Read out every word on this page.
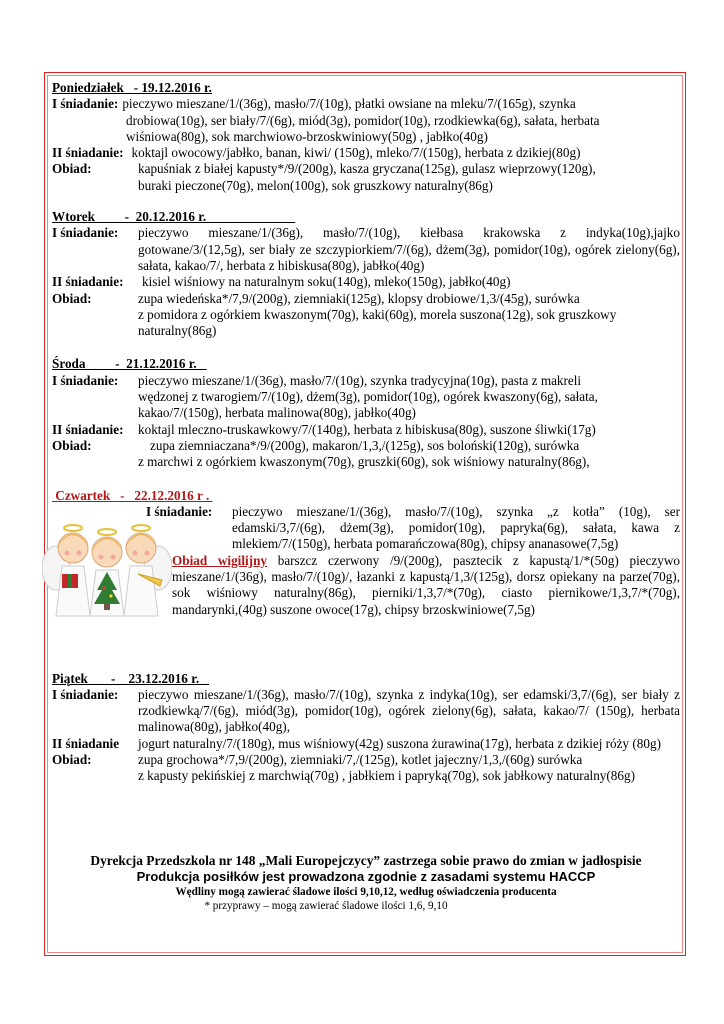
Poniedziałek   - 19.12.2016 r.

I śniadanie: pieczywo mieszane/1/(36g), masło/7/(10g), płatki owsiane na mleku/7/(165g), szynka
drobiowa(10g), ser biały/7/(6g), miód(3g), pomidor(10g), rzodkiewka(6g), sałata, herbata
wiśniowa(80g), sok marchwiowo-brzoskwiniowy(50g) , jabłko(40g)
II śniadanie: koktajl owocowy/jabłko, banan, kiwi/ (150g), mleko/7/(150g), herbata z dzikiej(80g)
Obiad:	kapuśniak z białej kapusty*/9/(200g), kasza gryczana(125g), gulasz wieprzowy(120g),
buraki pieczone(70g), melon(100g), sok gruszkowy naturalny(86g)

Wtorek         -  20.12.2016 r.

I śniadanie:	pieczywo mieszane/1/(36g), masło/7/(10g), kiełbasa krakowska z indyka(10g),jajko gotowane/3/(12,5g), ser biały ze szczypiorkiem/7/(6g), dżem(3g), pomidor(10g), ogórek zielony(6g), sałata, kakao/7/, herbata z hibiskusa(80g), jabłko(40g)
II śniadanie:	kisiel wiśniowy na naturalnym soku(140g), mleko(150g), jabłko(40g)
Obiad:	zupa wiedeńska*/7,9/(200g), ziemniaki(125g), klopsy drobiowe/1,3/(45g), surówka
z pomidora z ogórkiem kwaszonym(70g), kaki(60g), morela suszona(12g), sok gruszkowy naturalny(86g)

Środa         -  21.12.2016 r.

I śniadanie:	pieczywo mieszane/1/(36g), masło/7/(10g), szynka tradycyjna(10g), pasta z makreli
wędzonej z twarogiem/7/(10g), dżem(3g), pomidor(10g), ogórek kwaszony(6g), sałata, kakao/7/(150g), herbata malinowa(80g), jabłko(40g)
II śniadanie:	koktajl mleczno-truskawkowy/7/(140g), herbata z hibiskusa(80g), suszone śliwki(17g)
Obiad:	zupa ziemniaczana*/9/(200g), makaron/1,3,/(125g), sos boloński(120g), surówka
z marchwi z ogórkiem kwaszonym(70g), gruszki(60g), sok wiśniowy naturalny(86g),

Czwartek   -   22.12.2016 r .

I śniadanie:	pieczywo mieszane/1/(36g), masło/7/(10g), szynka „z kotła” (10g), ser edamski/3,7/(6g), dżem(3g), pomidor(10g), papryka(6g), sałata, kawa z mlekiem/7/(150g), herbata pomarańczowa(80g), chipsy ananasowe(7,5g)
Obiad wigilijny barszcz czerwony /9/(200g), pasztecik z kapustą/1/*(50g) pieczywo mieszane/1/(36g), masło/7/(10g)/, łazanki z kapustą/1,3/(125g), dorsz opiekany na parze(70g), sok wiśniowy naturalny(86g), pierniki/1,3,7/*(70g), ciasto piernikowe/1,3,7/*(70g), mandarynki,(40g) suszone owoce(17g), chipsy brzoskwiniowe(7,5g)

Piątek       -    23.12.2016 r.

I śniadanie:	pieczywo mieszane/1/(36g), masło/7/(10g), szynka z indyka(10g), ser edamski/3,7/(6g), ser biały z rzodkiewką/7/(6g), miód(3g), pomidor(10g), ogórek zielony(6g), sałata, kakao/7/ (150g), herbata malinowa(80g), jabłko(40g),
II śniadanie	jogurt naturalny/7/(180g), mus wiśniowy(42g) suszona żurawina(17g), herbata z dzikiej róży (80g)
Obiad:	zupa grochowa*/7,9/(200g), ziemniaki/7,/(125g), kotlet jajeczny/1,3,/(60g) surówka
z kapusty pekińskiej z marchwią(70g) , jabłkiem i papryką(70g), sok jabłkowy naturalny(86g)
Dyrekcja Przedszkola nr 148 „Mali Europejczycy” zastrzega sobie prawo do zmian w jadłospisie
Produkcja posiłków jest prowadzona zgodnie z zasadami systemu HACCP
Wędliny mogą zawierać śladowe ilości 9,10,12, według oświadczenia producenta
* przyprawy – mogą zawierać śladowe ilości 1,6, 9,10
